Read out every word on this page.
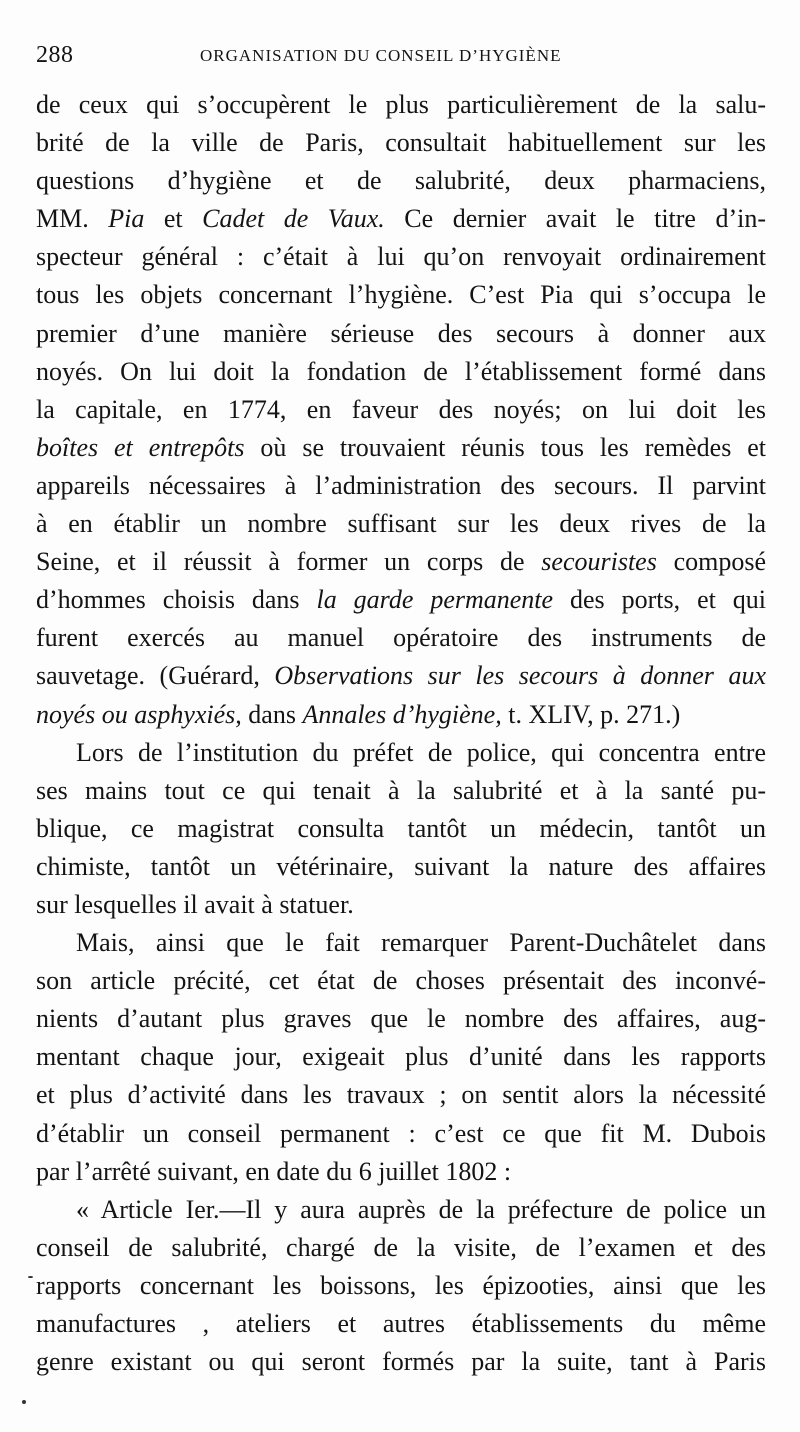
288	ORGANISATION DU CONSEIL D’HYGIÈNE
de ceux qui s’occupèrent le plus particulièrement de la salu-
brité de la ville de Paris, consultait habituellement sur les
questions d’hygiène et de salubrité, deux pharmaciens,
MM. Pia et Cadet de Vaux. Ce dernier avait le titre d’in-
specteur général : c’était à lui qu’on renvoyait ordinairement
tous les objets concernant l’hygiène. C’est Pia qui s’occupa le
premier d’une manière sérieuse des secours à donner aux
noyés. On lui doit la fondation de l’établissement formé dans
la capitale, en 1774, en faveur des noyés; on lui doit les
boîtes et entrepôts où se trouvaient réunis tous les remèdes et
appareils nécessaires à l’administration des secours. Il parvint
à en établir un nombre suffisant sur les deux rives de la
Seine, et il réussit à former un corps de secouristes composé
d’hommes choisis dans la garde permanente des ports, et qui
furent exercés au manuel opératoire des instruments de
sauvetage. (Guérard, Observations sur les secours à donner aux
noyés ou asphyxiés, dans Annales d’hygiène, t. XLIV, p. 271.)
Lors de l’institution du préfet de police, qui concentra entre
ses mains tout ce qui tenait à la salubrité et à la santé pu-
blique, ce magistrat consulta tantôt un médecin, tantôt un
chimiste, tantôt un vétérinaire, suivant la nature des affaires
sur lesquelles il avait à statuer.
Mais, ainsi que le fait remarquer Parent-Duchâtelet dans
son article précité, cet état de choses présentait des inconvé-
nients d’autant plus graves que le nombre des affaires, aug-
mentant chaque jour, exigeait plus d’unité dans les rapports
et plus d’activité dans les travaux ; on sentit alors la nécessité
d’établir un conseil permanent : c’est ce que fit M. Dubois
par l’arrêté suivant, en date du 6 juillet 1802 :
« Article Ier.—Il y aura auprès de la préfecture de police un
conseil de salubrité, chargé de la visite, de l’examen et des
rapports concernant les boissons, les épizooties, ainsi que les
manufactures , ateliers et autres établissements du même
genre existant ou qui seront formés par la suite, tant à Paris
